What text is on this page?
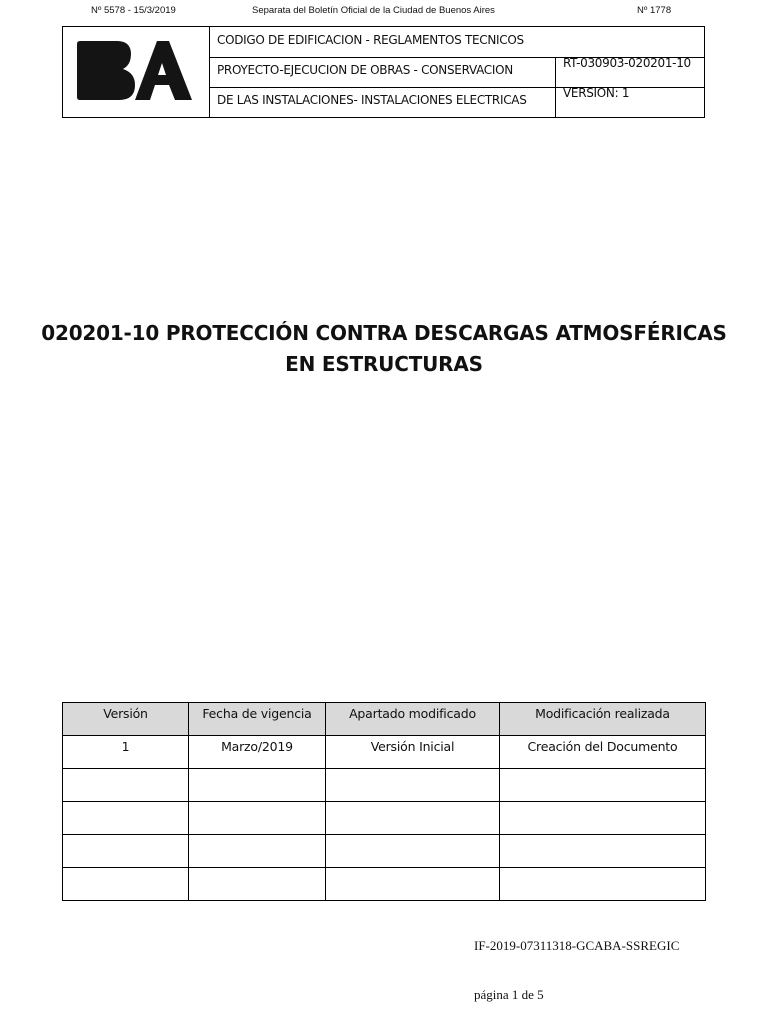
Nº 5578 - 15/3/2019	Separata del Boletín Oficial de la Ciudad de Buenos Aires	Nº 1778
CODIGO DE EDIFICACION - REGLAMENTOS TECNICOS
PROYECTO-EJECUCION DE OBRAS - CONSERVACION	RT-030903-020201-10
DE LAS INSTALACIONES- INSTALACIONES ELECTRICAS	VERSION: 1
020201-10 PROTECCIÓN CONTRA DESCARGAS ATMOSFÉRICAS
EN ESTRUCTURAS
Versión	Fecha de vigencia	Apartado modificado	Modificación realizada
1	Marzo/2019	Versión Inicial	Creación del Documento

IF-2019-07311318-GCABA-SSREGIC
página 1 de 5
